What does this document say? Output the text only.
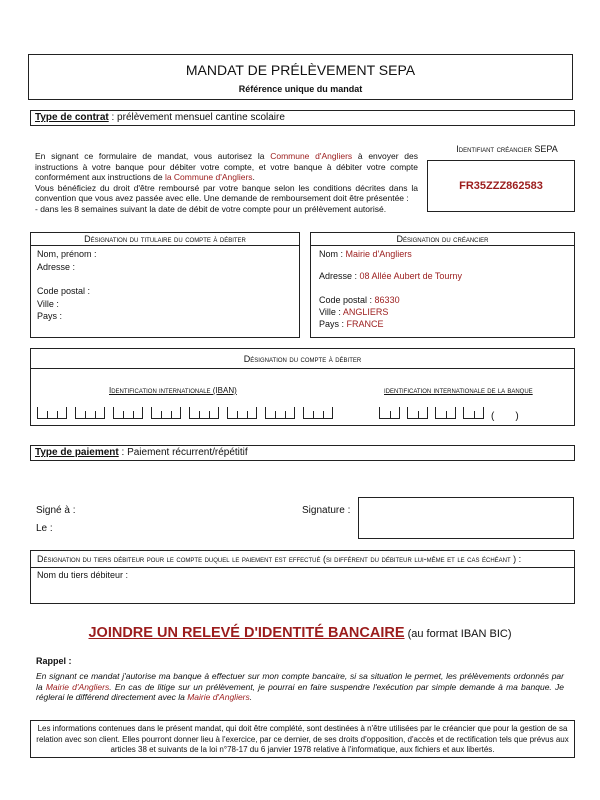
MANDAT DE PRÉLÈVEMENT SEPA
Référence unique du mandat
Type de contrat : prélèvement mensuel cantine scolaire
En signant ce formulaire de mandat, vous autorisez la Commune d'Angliers à envoyer des instructions à votre banque pour débiter votre compte, et votre banque à débiter votre compte conformément aux instructions de la Commune d'Angliers.
Vous bénéficiez du droit d'être remboursé par votre banque selon les conditions décrites dans la convention que vous avez passée avec elle. Une demande de remboursement doit être présentée :
- dans les 8 semaines suivant la date de débit de votre compte pour un prélèvement autorisé.
Identifiant créancier SEPA
FR35ZZZ862583
Désignation du titulaire du compte à débiter
Nom, prénom :
Adresse :
Code postal :
Ville :
Pays :
Désignation du créancier
Nom : Mairie d'Angliers
Adresse : 08 Allée Aubert de Tourny
Code postal : 86330
Ville : ANGLIERS
Pays : FRANCE
Désignation du compte à débiter
Identification internationale (IBAN)	identification internationale de la banque
( )
Type de paiement : Paiement récurrent/répétitif
Signé à :
Le :
Signature :
Désignation du tiers débiteur pour le compte duquel le paiement est effectué (si différent du débiteur lui-même et le cas échéant ) :
Nom du tiers débiteur :
JOINDRE UN RELEVÉ D'IDENTITÉ BANCAIRE (au format IBAN BIC)
Rappel :
En signant ce mandat j'autorise ma banque à effectuer sur mon compte bancaire, si sa situation le permet, les prélèvements ordonnés par la Mairie d'Angliers. En cas de litige sur un prélèvement, je pourrai en faire suspendre l'exécution par simple demande à ma banque. Je réglerai le différend directement avec la Mairie d'Angliers.
Les informations contenues dans le présent mandat, qui doit être complété, sont destinées à n'être utilisées par le créancier que pour la gestion de sa relation avec son client. Elles pourront donner lieu à l'exercice, par ce dernier, de ses droits d'opposition, d'accès et de rectification tels que prévus aux articles 38 et suivants de la loi n°78-17 du 6 janvier 1978 relative à l'informatique, aux fichiers et aux libertés.
